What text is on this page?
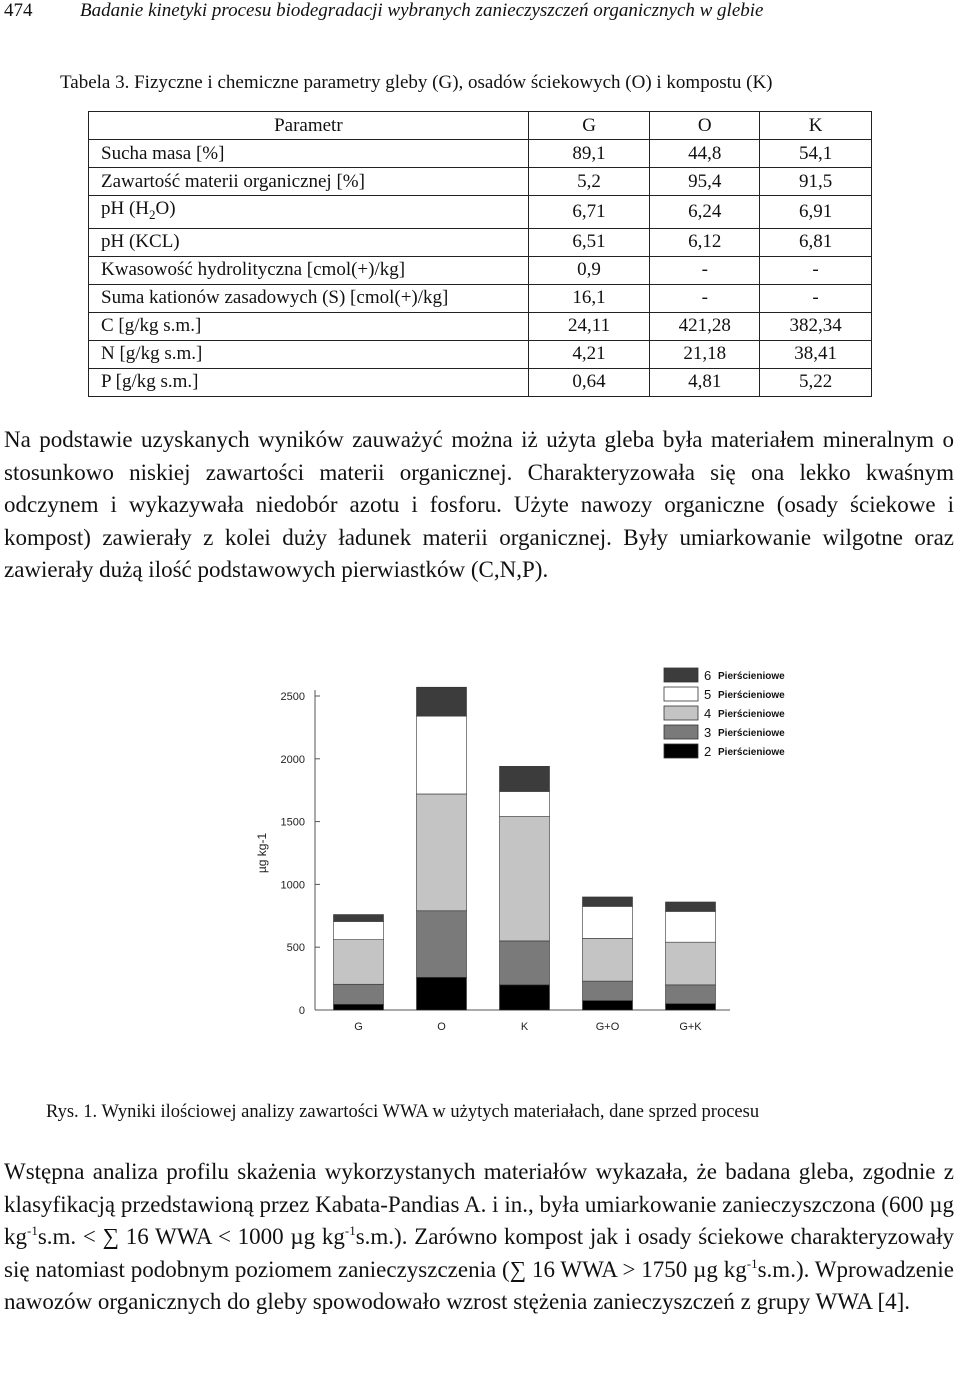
474	Badanie kinetyki procesu biodegradacji wybranych zanieczyszczeń organicznych w glebie
Tabela 3. Fizyczne i chemiczne parametry gleby (G), osadów ściekowych (O) i kompostu (K)
Parametr	G	O	K
Sucha masa [%]	89,1	44,8	54,1
Zawartość materii organicznej [%]	5,2	95,4	91,5
pH $(H_2O)$	6,71	6,24	6,91
pH (KCL)	6,51	6,12	6,81
Kwasowość hydrolityczna [cmol(+)/kg]	0,9	-	-
Suma kationów zasadowych (S) [cmol(+)/kg]	16,1	-	-
C [g/kg s.m.]	24,11	421,28	382,34
N [g/kg s.m.]	4,21	21,18	38,41
P [g/kg s.m.]	0,64	4,81	5,22
Na podstawie uzyskanych wyników zauważyć można iż użyta gleba była materiałem mineralnym o stosunkowo niskiej zawartości materii organicznej. Charakteryzowała się ona lekko kwaśnym odczynem i wykazywała niedobór azotu i fosforu. Użyte nawozy organiczne (osady ściekowe i kompost) zawierały z kolei duży ładunek materii organicznej. Były umiarkowanie wilgotne oraz zawierały dużą ilość podstawowych pierwiastków (C,N,P).
0
500
1000
1500
2000
2500
µg kg-1
G	O	K	G+O	G+K
6 Pierścieniowe
5 Pierścieniowe
4 Pierścieniowe
3 Pierścieniowe
2 Pierścieniowe
Rys. 1. Wyniki ilościowej analizy zawartości WWA w użytych materiałach, dane sprzed procesu
Wstępna analiza profilu skażenia wykorzystanych materiałów wykazała, że badana gleba, zgodnie z klasyfikacją przedstawioną przez Kabata-Pandias A. i in., była umiarkowanie zanieczyszczona (600 µg $kg^{-1}s.m$. < ∑ 16 WWA < 1000 µg $kg^{-1}s.m$.). Zarówno kompost jak i osady ściekowe charakteryzowały się natomiast podobnym poziomem zanieczyszczenia (∑ 16 WWA > 1750 µg $kg^{-1}s.m$.). Wprowadzenie nawozów organicznych do gleby spowodowało wzrost stężenia zanieczyszczeń z grupy WWA [4].
